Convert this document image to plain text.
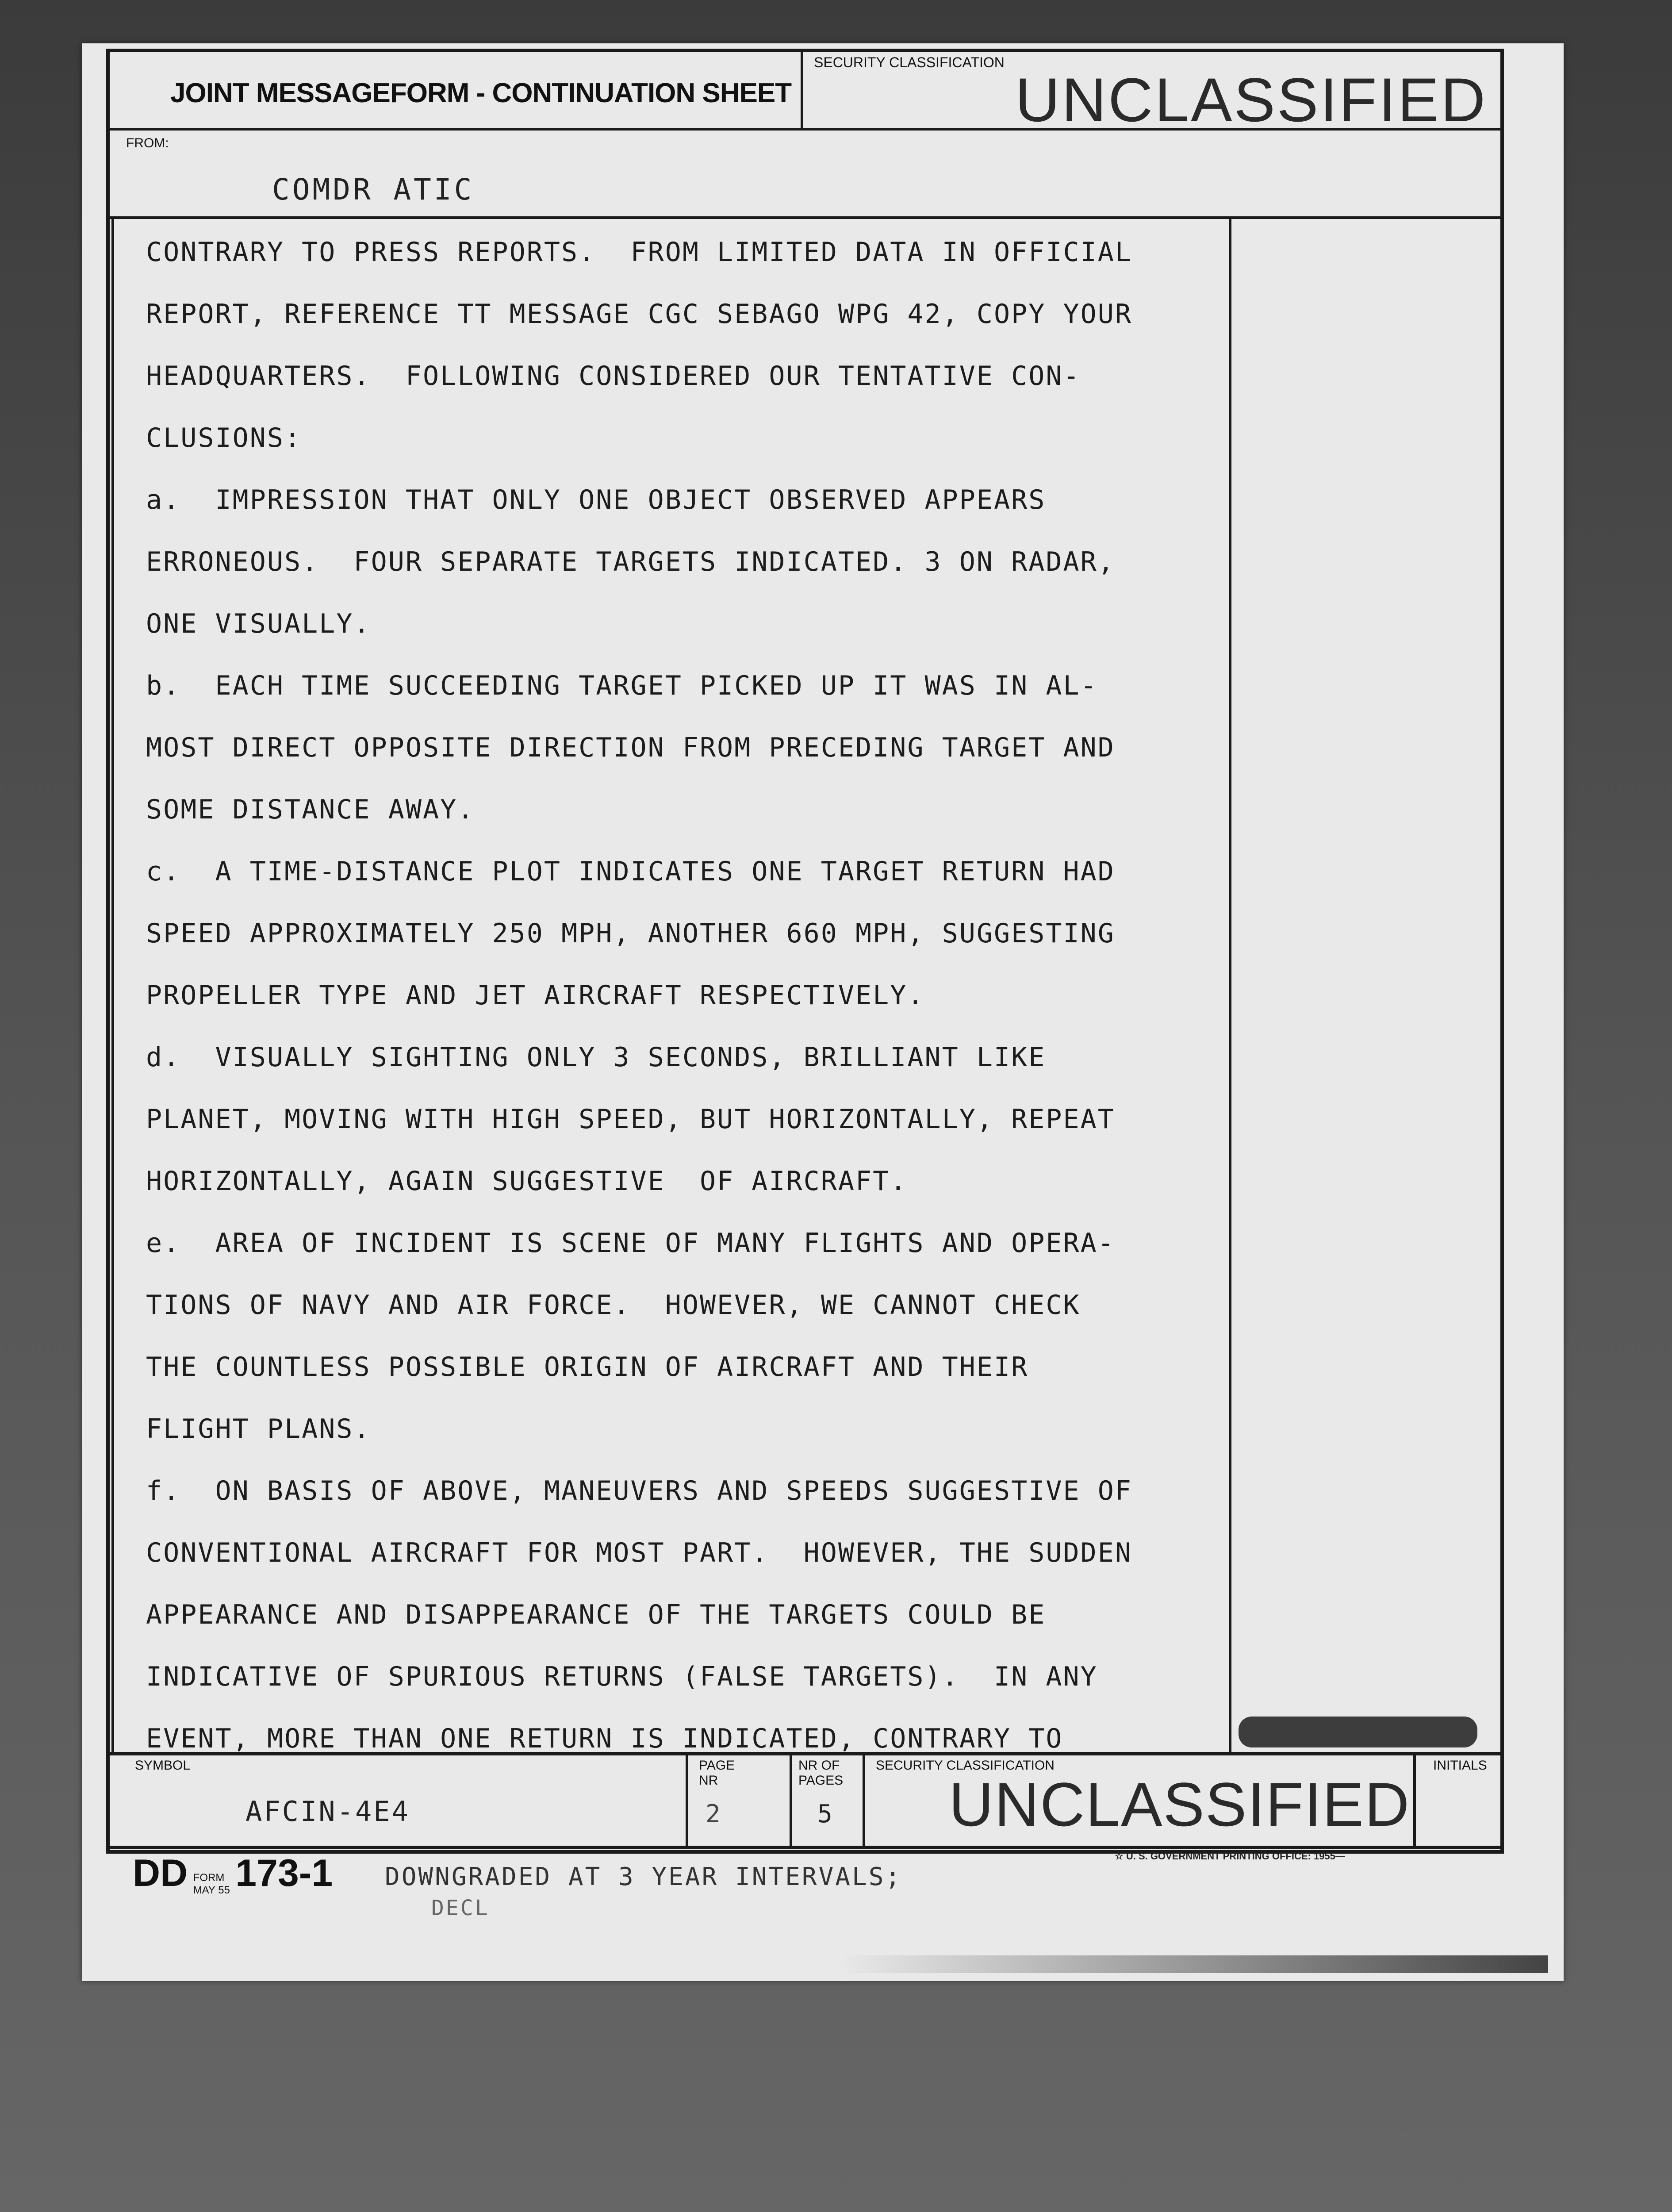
JOINT MESSAGEFORM - CONTINUATION SHEET
SECURITY CLASSIFICATION
UNCLASSIFIED
FROM:
COMDR ATIC
CONTRARY TO PRESS REPORTS.  FROM LIMITED DATA IN OFFICIAL
REPORT, REFERENCE TT MESSAGE CGC SEBAGO WPG 42, COPY YOUR
HEADQUARTERS.  FOLLOWING CONSIDERED OUR TENTATIVE CON-
CLUSIONS:
a.  IMPRESSION THAT ONLY ONE OBJECT OBSERVED APPEARS
ERRONEOUS.  FOUR SEPARATE TARGETS INDICATED. 3 ON RADAR,
ONE VISUALLY.
b.  EACH TIME SUCCEEDING TARGET PICKED UP IT WAS IN AL-
MOST DIRECT OPPOSITE DIRECTION FROM PRECEDING TARGET AND
SOME DISTANCE AWAY.
c.  A TIME-DISTANCE PLOT INDICATES ONE TARGET RETURN HAD
SPEED APPROXIMATELY 250 MPH, ANOTHER 660 MPH, SUGGESTING
PROPELLER TYPE AND JET AIRCRAFT RESPECTIVELY.
d.  VISUALLY SIGHTING ONLY 3 SECONDS, BRILLIANT LIKE
PLANET, MOVING WITH HIGH SPEED, BUT HORIZONTALLY, REPEAT
HORIZONTALLY, AGAIN SUGGESTIVE  OF AIRCRAFT.
e.  AREA OF INCIDENT IS SCENE OF MANY FLIGHTS AND OPERA-
TIONS OF NAVY AND AIR FORCE.  HOWEVER, WE CANNOT CHECK
THE COUNTLESS POSSIBLE ORIGIN OF AIRCRAFT AND THEIR
FLIGHT PLANS.
f.  ON BASIS OF ABOVE, MANEUVERS AND SPEEDS SUGGESTIVE OF
CONVENTIONAL AIRCRAFT FOR MOST PART.  HOWEVER, THE SUDDEN
APPEARANCE AND DISAPPEARANCE OF THE TARGETS COULD BE
INDICATIVE OF SPURIOUS RETURNS (FALSE TARGETS).  IN ANY
EVENT, MORE THAN ONE RETURN IS INDICATED, CONTRARY TO
SYMBOL
AFCIN-4E4
PAGE NR
2
NR OF PAGES
5
SECURITY CLASSIFICATION
UNCLASSIFIED
INITIALS
DD FORM
MAY 55 173-1 DOWNGRADED AT 3 YEAR INTERVALS;
DECL
☆ U. S. GOVERNMENT PRINTING OFFICE: 1955—
